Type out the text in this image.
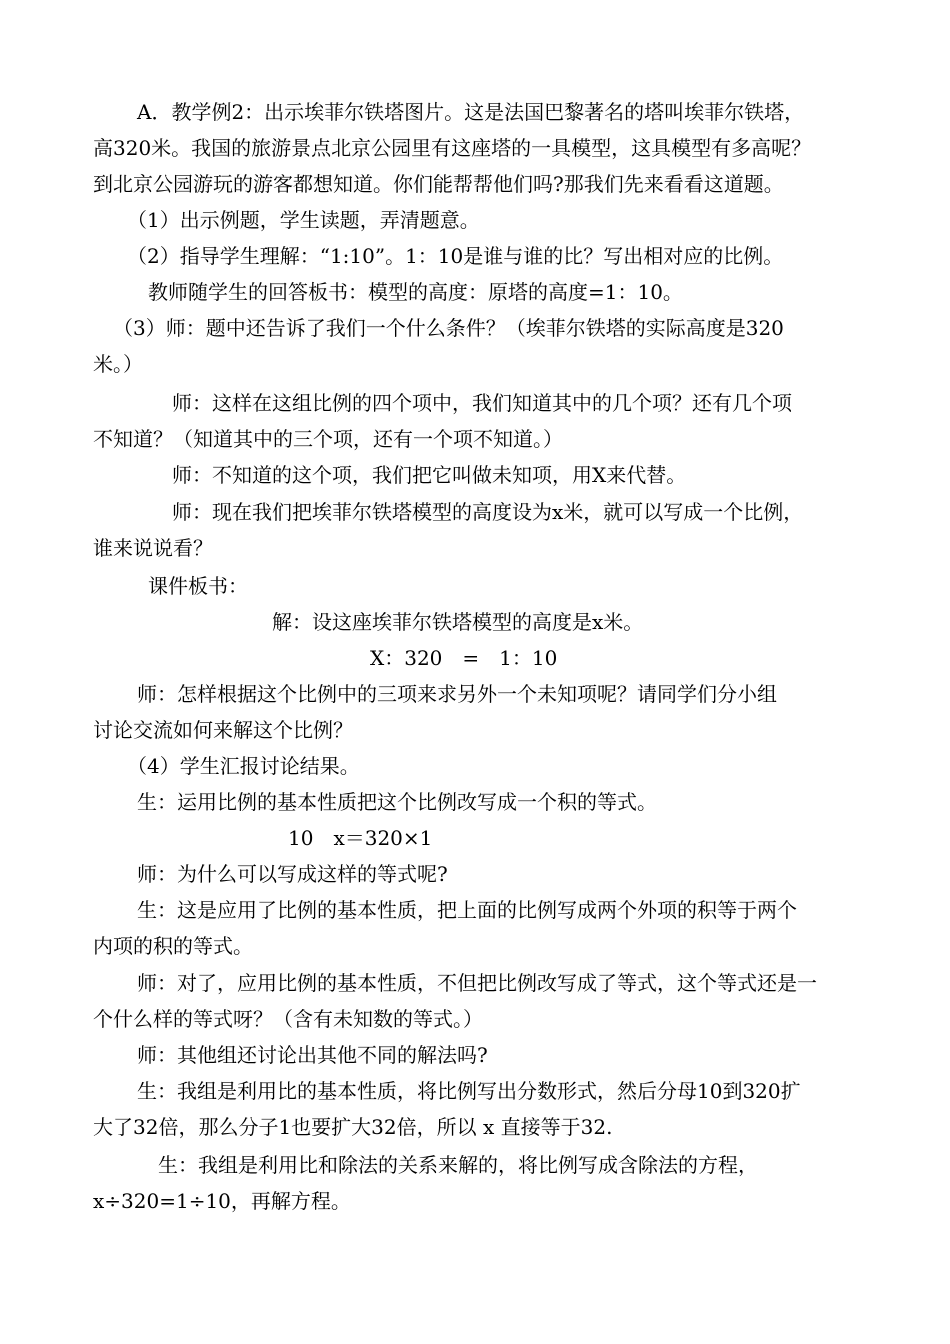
A．教学例2：出示埃菲尔铁塔图片。这是法国巴黎著名的塔叫埃菲尔铁塔，
高320米。我国的旅游景点北京公园里有这座塔的一具模型，这具模型有多高呢？
到北京公园游玩的游客都想知道。你们能帮帮他们吗?那我们先来看看这道题。
（1）出示例题，学生读题，弄清题意。
（2）指导学生理解：“1:10”。1：10是谁与谁的比？写出相对应的比例。
教师随学生的回答板书：模型的高度：原塔的高度=1：10。
（3）师：题中还告诉了我们一个什么条件？（埃菲尔铁塔的实际高度是320
米。）
师：这样在这组比例的四个项中，我们知道其中的几个项？还有几个项
不知道？（知道其中的三个项，还有一个项不知道。）
师：不知道的这个项，我们把它叫做未知项，用X来代替。
师：现在我们把埃菲尔铁塔模型的高度设为x米，就可以写成一个比例，
谁来说说看？
课件板书：
解：设这座埃菲尔铁塔模型的高度是x米。
X：320　=　1：10
师：怎样根据这个比例中的三项来求另外一个未知项呢？请同学们分小组
讨论交流如何来解这个比例？
（4）学生汇报讨论结果。
生：运用比例的基本性质把这个比例改写成一个积的等式。
10　x＝320×1
师：为什么可以写成这样的等式呢?
生：这是应用了比例的基本性质，把上面的比例写成两个外项的积等于两个
内项的积的等式。
师：对了，应用比例的基本性质，不但把比例改写成了等式，这个等式还是一
个什么样的等式呀？（含有未知数的等式。）
师：其他组还讨论出其他不同的解法吗?
生：我组是利用比的基本性质，将比例写出分数形式，然后分母10到320扩
大了32倍，那么分子1也要扩大32倍，所以 x 直接等于32.
生：我组是利用比和除法的关系来解的，将比例写成含除法的方程，
x÷320=1÷10，再解方程。
